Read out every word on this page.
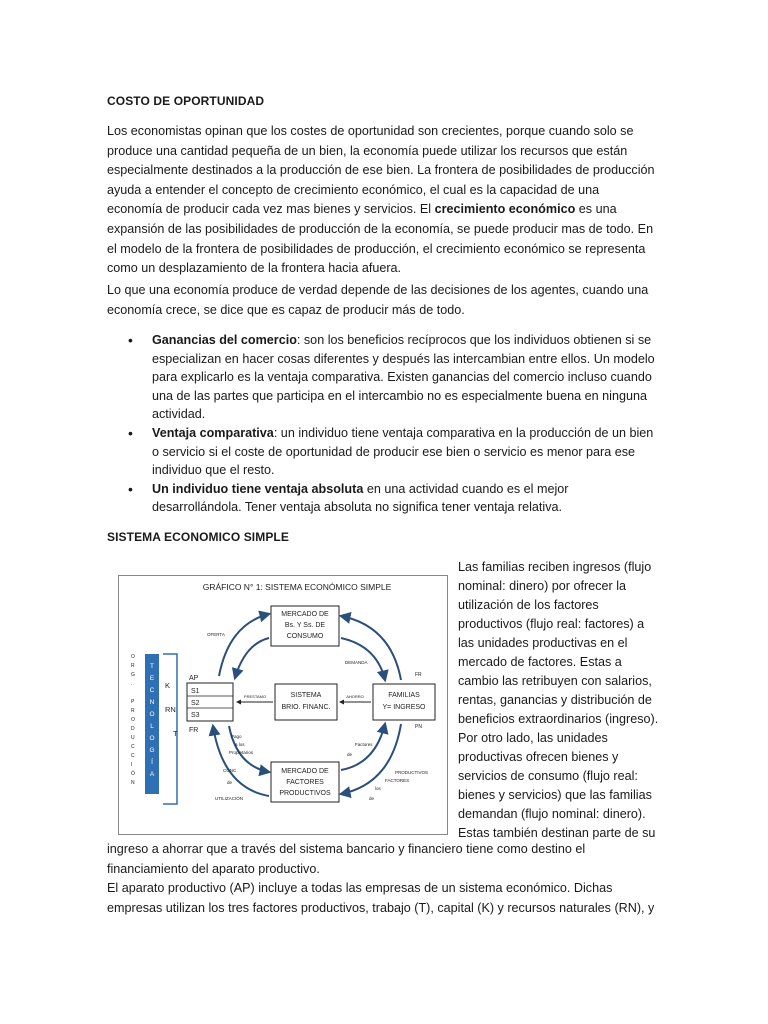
COSTO DE OPORTUNIDAD
Los economistas opinan que los costes de oportunidad son crecientes, porque cuando solo se produce una cantidad pequeña de un bien, la economía puede utilizar los recursos que están especialmente destinados a la producción de ese bien. La frontera de posibilidades de producción ayuda a entender el concepto de crecimiento económico, el cual es la capacidad de una economía de producir cada vez mas bienes y servicios. El crecimiento económico es una expansión de las posibilidades de producción de la economía, se puede producir mas de todo. En el modelo de la frontera de posibilidades de producción, el crecimiento económico se representa como un desplazamiento de la frontera hacia afuera.
Lo que una economía produce de verdad depende de las decisiones de los agentes, cuando una economía crece, se dice que es capaz de producir más de todo.
• Ganancias del comercio: son los beneficios recíprocos que los individuos obtienen si se especializan en hacer cosas diferentes y después las intercambian entre ellos. Un modelo para explicarlo es la ventaja comparativa. Existen ganancias del comercio incluso cuando una de las partes que participa en el intercambio no es especialmente buena en ninguna actividad.
• Ventaja comparativa: un individuo tiene ventaja comparativa en la producción de un bien o servicio si el coste de oportunidad de producir ese bien o servicio es menor para ese individuo que el resto.
• Un individuo tiene ventaja absoluta en una actividad cuando es el mejor desarrollándola. Tener ventaja absoluta no significa tener ventaja relativa.
SISTEMA ECONOMICO SIMPLE
GRÁFICO N° 1: SISTEMA ECONÓMICO SIMPLE
O
R
G
.
P
R
O
D
U
C
C
I
Ó
N
T
E
C
N
O
L
O
G
Í
A
K
RN
T
AP
S1
S2
S3
FR
MERCADO DE
Bs. Y Ss. DE
CONSUMO
SISTEMA
BRIO. FINANC.
FAMILIAS
Y= INGRESO
MERCADO DE
FACTORES
PRODUCTIVOS
PRESTAMO	AHORRO
OFERTA
DEMANDA
FR
Pago
a los
Propietarios
Factores
de
PN
CONC
de
UTILIZACIÓN
PRODUCTIVOS
FACTORES
los
de
Las familias reciben ingresos (flujo nominal: dinero) por ofrecer la utilización de los factores productivos (flujo real: factores) a las unidades productivas en el mercado de factores. Estas a cambio las retribuyen con salarios, rentas, ganancias y distribución de beneficios extraordinarios (ingreso). Por otro lado, las unidades productivas ofrecen bienes y servicios de consumo (flujo real: bienes y servicios) que las familias demandan (flujo nominal: dinero). Estas también destinan parte de su
ingreso a ahorrar que a través del sistema bancario y financiero tiene como destino el financiamiento del aparato productivo.
El aparato productivo (AP) incluye a todas las empresas de un sistema económico. Dichas empresas utilizan los tres factores productivos, trabajo (T), capital (K) y recursos naturales (RN), y
